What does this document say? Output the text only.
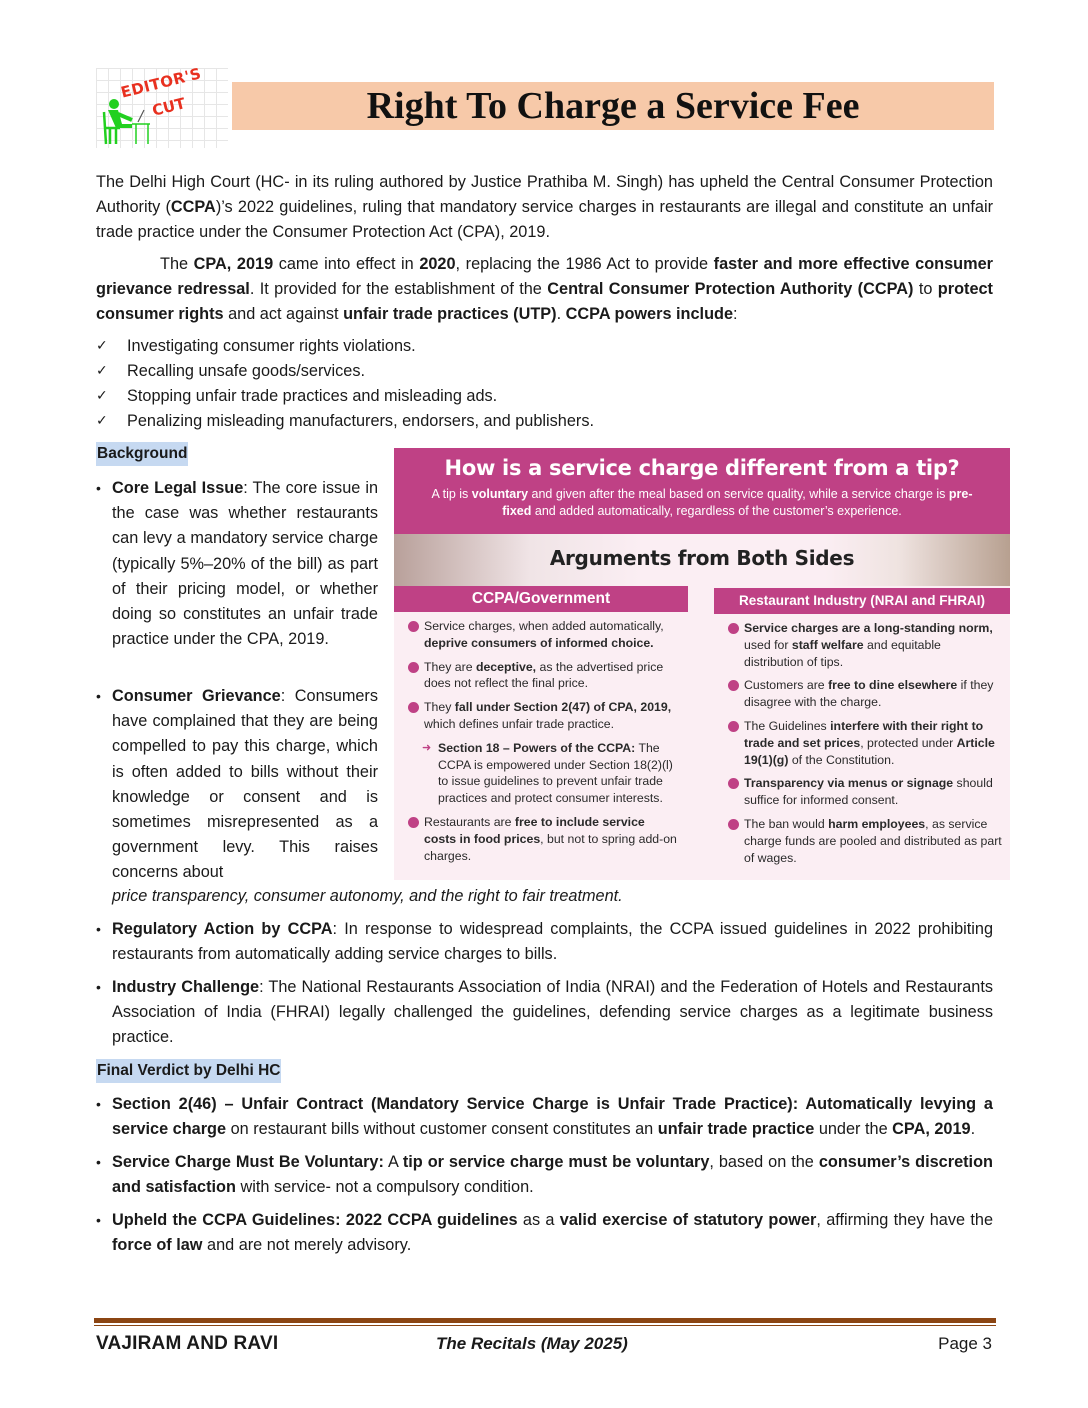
EDITOR'S
CUT	Right To Charge a Service Fee

The Delhi High Court (HC- in its ruling authored by Justice Prathiba M. Singh) has upheld the Central Consumer Protection Authority (CCPA)’s 2022 guidelines, ruling that mandatory service charges in restaurants are illegal and constitute an unfair trade practice under the Consumer Protection Act (CPA), 2019.

The CPA, 2019 came into effect in 2020, replacing the 1986 Act to provide faster and more effective consumer grievance redressal. It provided for the establishment of the Central Consumer Protection Authority (CCPA) to protect consumer rights and act against unfair trade practices (UTP). CCPA powers include:

✓	Investigating consumer rights violations.
✓	Recalling unsafe goods/services.
✓	Stopping unfair trade practices and misleading ads.
✓	Penalizing misleading manufacturers, endorsers, and publishers.
Background
• Core Legal Issue: The core issue in the case was whether restaurants can levy a mandatory service charge (typically 5%–20% of the bill) as part of their pricing model, or whether doing so constitutes an unfair trade practice under the CPA, 2019.
• Consumer Grievance: Consumers have complained that they are being compelled to pay this charge, which is often added to bills without their knowledge or consent and is sometimes misrepresented as a government levy. This raises concerns about
price transparency, consumer autonomy, and the right to fair treatment.
• Regulatory Action by CCPA: In response to widespread complaints, the CCPA issued guidelines in 2022 prohibiting restaurants from automatically adding service charges to bills.
• Industry Challenge: The National Restaurants Association of India (NRAI) and the Federation of Hotels and Restaurants Association of India (FHRAI) legally challenged the guidelines, defending service charges as a legitimate business practice.
How is a service charge different from a tip?

A tip is voluntary and given after the meal based on service quality, while a service charge is pre-fixed and added automatically, regardless of the customer’s experience.

Arguments from Both Sides
CCPA/Government
Service charges, when added automatically, deprive consumers of informed choice.
They are deceptive, as the advertised price does not reflect the final price.
They fall under Section 2(47) of CPA, 2019, which defines unfair trade practice.
➜ Section 18 – Powers of the CCPA: The CCPA is empowered under Section 18(2)(l) to issue guidelines to prevent unfair trade practices and protect consumer interests.
Restaurants are free to include service costs in food prices, but not to spring add-on charges.
Restaurant Industry (NRAI and FHRAI)
Service charges are a long-standing norm, used for staff welfare and equitable distribution of tips.
Customers are free to dine elsewhere if they disagree with the charge.
The Guidelines interfere with their right to trade and set prices, protected under Article 19(1)(g) of the Constitution.
Transparency via menus or signage should suffice for informed consent.
The ban would harm employees, as service charge funds are pooled and distributed as part of wages.
Final Verdict by Delhi HC
• Section 2(46) – Unfair Contract (Mandatory Service Charge is Unfair Trade Practice): Automatically levying a service charge on restaurant bills without customer consent constitutes an unfair trade practice under the CPA, 2019.
• Service Charge Must Be Voluntary: A tip or service charge must be voluntary, based on the consumer’s discretion and satisfaction with service- not a compulsory condition.
• Upheld the CCPA Guidelines: 2022 CCPA guidelines as a valid exercise of statutory power, affirming they have the force of law and are not merely advisory.
VAJIRAM AND RAVI	The Recitals (May 2025)	Page 3
